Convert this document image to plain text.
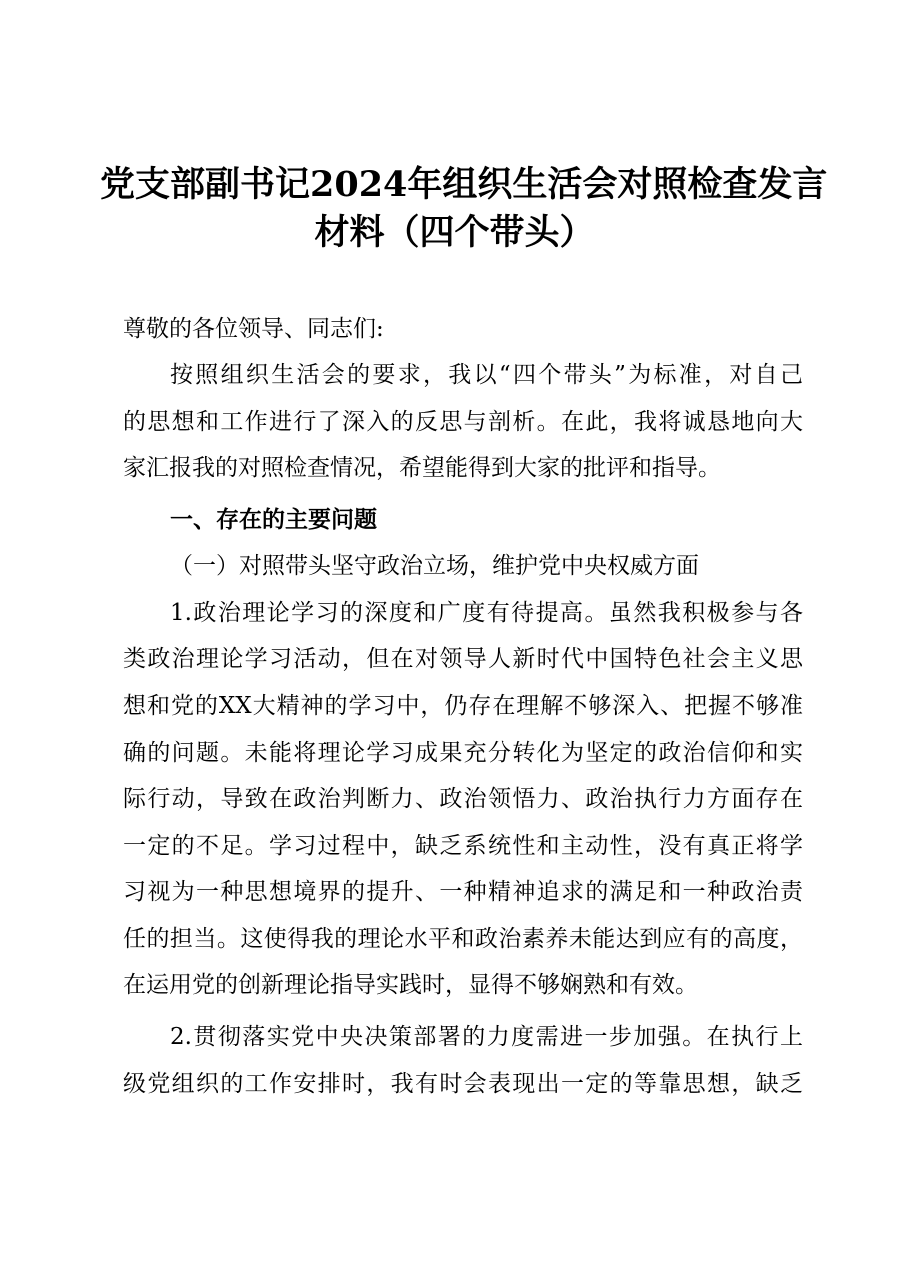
党支部副书记2024年组织生活会对照检查发言
材料（四个带头）
尊敬的各位领导、同志们:
按照组织生活会的要求，我以“四个带头”为标准，对自己
的思想和工作进行了深入的反思与剖析。在此，我将诚恳地向大
家汇报我的对照检查情况，希望能得到大家的批评和指导。
一、存在的主要问题
（一）对照带头坚守政治立场，维护党中央权威方面
1.政治理论学习的深度和广度有待提高。虽然我积极参与各
类政治理论学习活动，但在对领导人新时代中国特色社会主义思
想和党的XX大精神的学习中，仍存在理解不够深入、把握不够准
确的问题。未能将理论学习成果充分转化为坚定的政治信仰和实
际行动，导致在政治判断力、政治领悟力、政治执行力方面存在
一定的不足。学习过程中，缺乏系统性和主动性，没有真正将学
习视为一种思想境界的提升、一种精神追求的满足和一种政治责
任的担当。这使得我的理论水平和政治素养未能达到应有的高度，
在运用党的创新理论指导实践时，显得不够娴熟和有效。
2.贯彻落实党中央决策部署的力度需进一步加强。在执行上
级党组织的工作安排时，我有时会表现出一定的等靠思想，缺乏
